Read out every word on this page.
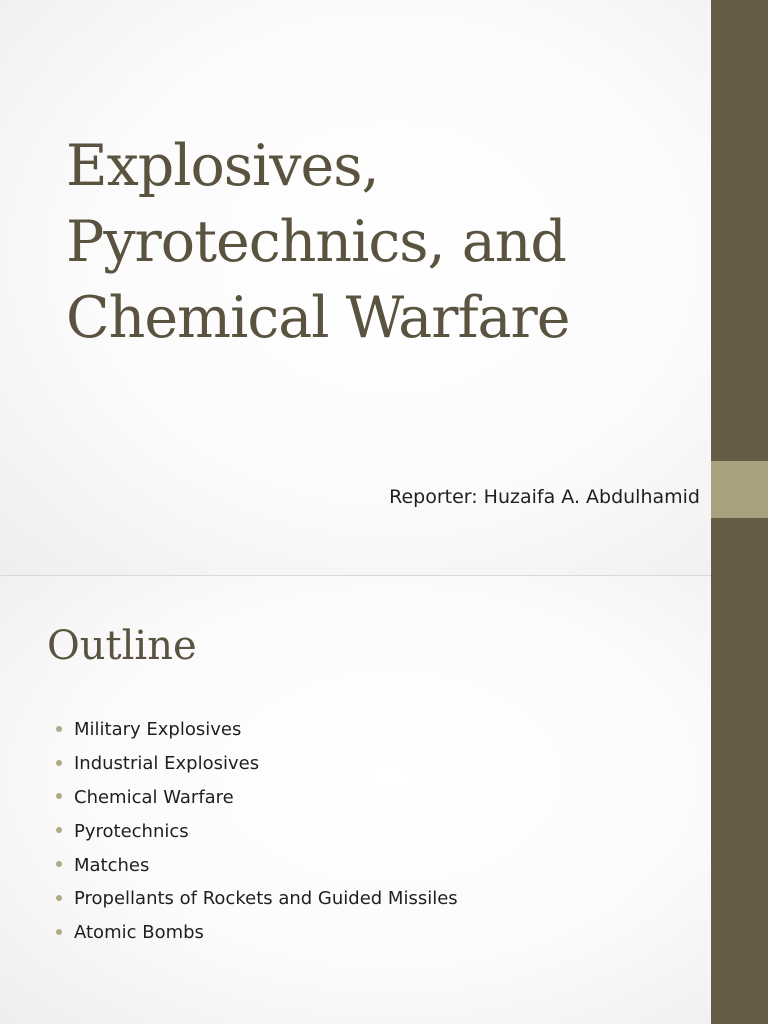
Explosives,
Pyrotechnics, and
Chemical Warfare
Reporter: Huzaifa A. Abdulhamid
Outline
Military Explosives
Industrial Explosives
Chemical Warfare
Pyrotechnics
Matches
Propellants of Rockets and Guided Missiles
Atomic Bombs
